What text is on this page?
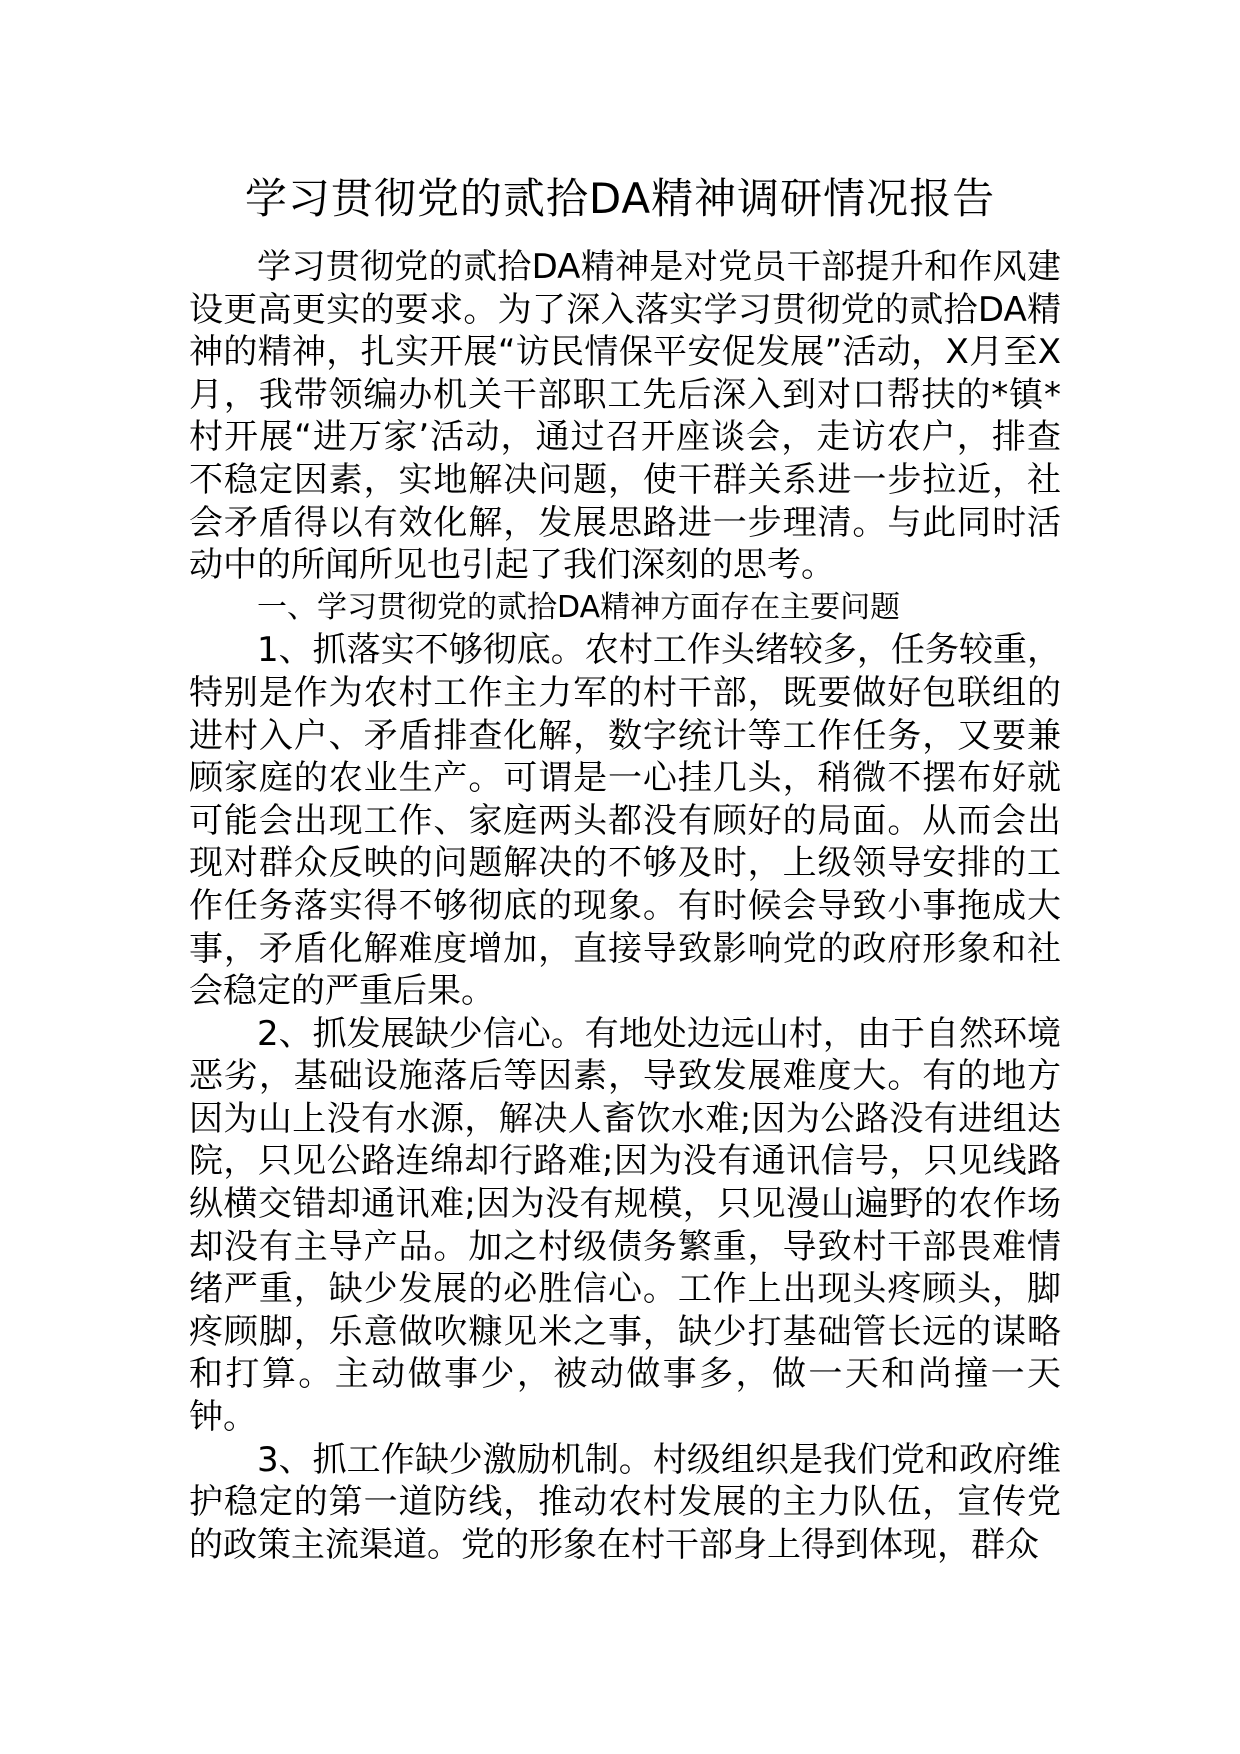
学习贯彻党的贰拾DA精神调研情况报告

学习贯彻党的贰拾DA精神是对党员干部提升和作风建设更高更实的要求。为了深入落实学习贯彻党的贰拾DA精神的精神，扎实开展“访民情保平安促发展”活动，X月至X月，我带领编办机关干部职工先后深入到对口帮扶的*镇*村开展“进万家’活动，通过召开座谈会，走访农户，排查不稳定因素，实地解决问题，使干群关系进一步拉近，社会矛盾得以有效化解，发展思路进一步理清。与此同时活动中的所闻所见也引起了我们深刻的思考。

一、学习贯彻党的贰拾DA精神方面存在主要问题

1、抓落实不够彻底。农村工作头绪较多，任务较重，特别是作为农村工作主力军的村干部，既要做好包联组的进村入户、矛盾排查化解，数字统计等工作任务，又要兼顾家庭的农业生产。可谓是一心挂几头，稍微不摆布好就可能会出现工作、家庭两头都没有顾好的局面。从而会出现对群众反映的问题解决的不够及时，上级领导安排的工作任务落实得不够彻底的现象。有时候会导致小事拖成大事，矛盾化解难度增加，直接导致影响党的政府形象和社会稳定的严重后果。

2、抓发展缺少信心。有地处边远山村，由于自然环境恶劣，基础设施落后等因素，导致发展难度大。有的地方因为山上没有水源，解决人畜饮水难;因为公路没有进组达院，只见公路连绵却行路难;因为没有通讯信号，只见线路纵横交错却通讯难;因为没有规模，只见漫山遍野的农作场却没有主导产品。加之村级债务繁重，导致村干部畏难情绪严重，缺少发展的必胜信心。工作上出现头疼顾头，脚疼顾脚，乐意做吹糠见米之事，缺少打基础管长远的谋略和打算。主动做事少，被动做事多，做一天和尚撞一天钟。

3、抓工作缺少激励机制。村级组织是我们党和政府维护稳定的第一道防线，推动农村发展的主力队伍，宣传党的政策主流渠道。党的形象在村干部身上得到体现，群众
